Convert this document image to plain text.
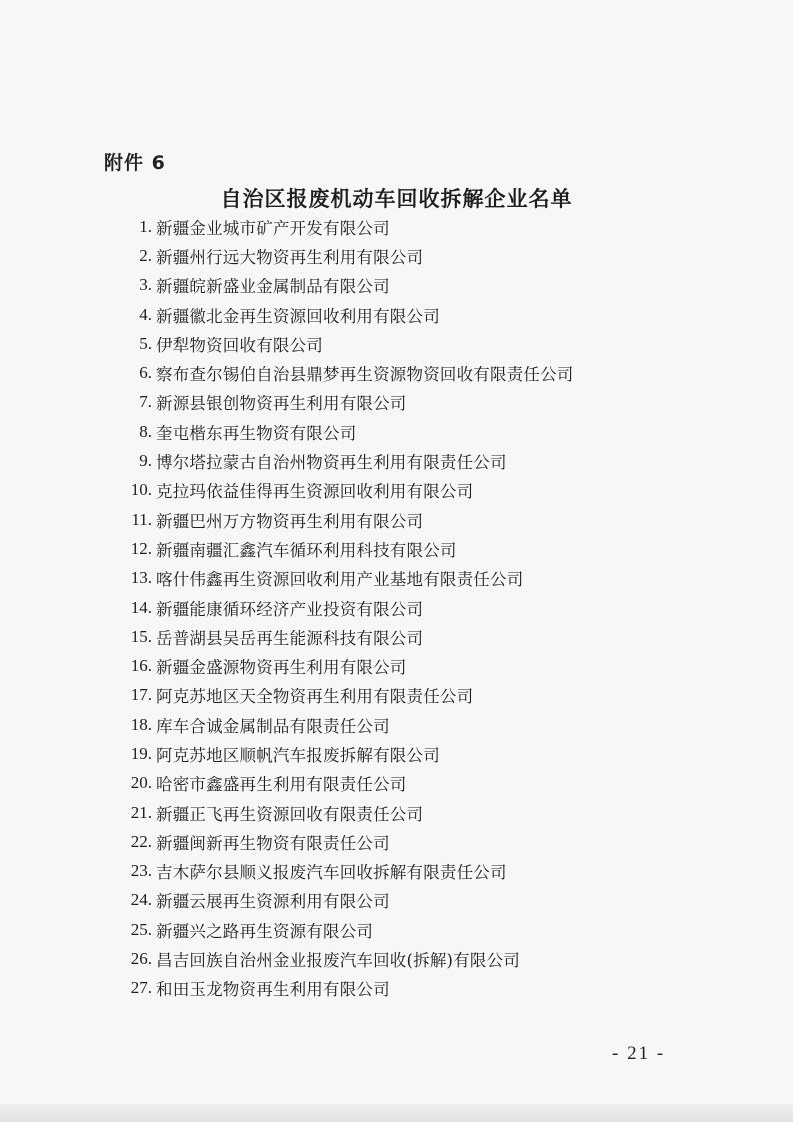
附件 6
自治区报废机动车回收拆解企业名单
1. 新疆金业城市矿产开发有限公司
2. 新疆州行远大物资再生利用有限公司
3. 新疆皖新盛业金属制品有限公司
4. 新疆徽北金再生资源回收利用有限公司
5. 伊犁物资回收有限公司
6. 察布查尔锡伯自治县鼎梦再生资源物资回收有限责任公司
7. 新源县银创物资再生利用有限公司
8. 奎屯楷东再生物资有限公司
9. 博尔塔拉蒙古自治州物资再生利用有限责任公司
10. 克拉玛依益佳得再生资源回收利用有限公司
11. 新疆巴州万方物资再生利用有限公司
12. 新疆南疆汇鑫汽车循环利用科技有限公司
13. 喀什伟鑫再生资源回收利用产业基地有限责任公司
14. 新疆能康循环经济产业投资有限公司
15. 岳普湖县吴岳再生能源科技有限公司
16. 新疆金盛源物资再生利用有限公司
17. 阿克苏地区天全物资再生利用有限责任公司
18. 库车合诚金属制品有限责任公司
19. 阿克苏地区顺帆汽车报废拆解有限公司
20. 哈密市鑫盛再生利用有限责任公司
21. 新疆正飞再生资源回收有限责任公司
22. 新疆闽新再生物资有限责任公司
23. 吉木萨尔县顺义报废汽车回收拆解有限责任公司
24. 新疆云展再生资源利用有限公司
25. 新疆兴之路再生资源有限公司
26. 昌吉回族自治州金业报废汽车回收(拆解)有限公司
27. 和田玉龙物资再生利用有限公司
- 21 -
